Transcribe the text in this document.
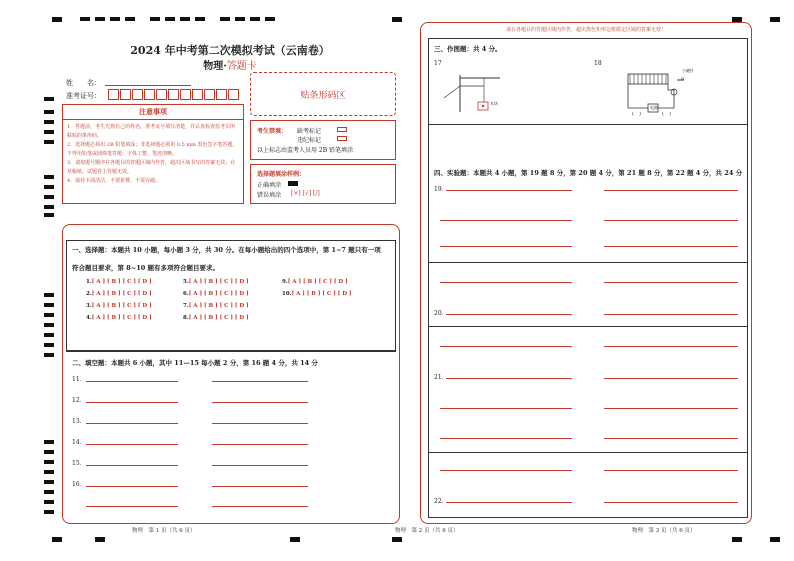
2024 年中考第二次模拟考试（云南卷）
物理·答题卡
姓　　名：
准考证号：	贴条形码区
注意事项
1．答题前，考生先将自己的姓名，准考证号填写清楚，并认真检查监考员所粘贴的条形码。
2．选择题必须用 2B 铅笔填涂；非选择题必须用 0.5 mm 黑色签字笔答题，不得用铅笔或圆珠笔答题；字体工整、笔迹清晰。
3．请按题号顺序在各题目的答题区域内作答，超出区域书写的答案无效；在草稿纸、试题卷上答题无效。
4．保持卡面清洁，不要折叠、不要弄破。
考生禁填： 缺考标记
违纪标记
以上标志由监考人员用 2B 铅笔填涂
选择题填涂样例：
正确填涂
错误填涂 [×] [√] [/]
一、选择题：本题共 10 小题，每小题 3 分，共 30 分。在每小题给出的四个选项中，第 1~7 题只有一项
符合题目要求，第 8~10 题有多项符合题目要求。
1.[ A ] [ B ] [ C ] [ D ]
2.[ A ] [ B ] [ C ] [ D ]
3.[ A ] [ B ] [ C ] [ D ]
4.[ A ] [ B ] [ C ] [ D ]
5.[ A ] [ B ] [ C ] [ D ]
6.[ A ] [ B ] [ C ] [ D ]
7.[ A ] [ B ] [ C ] [ D ]
8.[ A ] [ B ] [ C ] [ D ]
9.[ A ] [ B ] [ C ] [ D ]
10.[ A ] [ B ] [ C ] [ D ]
二、填空题：本题共 6 小题，其中 11—15 每小题 2 分，第 16 题 4 分，共 14 分
11．
12．
13．
14．
15．
16．
请在各题目的答题区域内作答，超出黑色矩形边框限定区域的答案无效！
三、作图题：共 4 分。
17	18
木块
小磁针
电源
(　)	(　)
N
四、实验题：本题共 4 小题，第 19 题 8 分，第 20 题 4 分，第 21 题 8 分，第 22 题 4 分，共 24 分
19．
20．
21．
22．
物理　第 1 页（共 6 页）	物理　第 2 页（共 6 页）	物理　第 3 页（共 6 页）
